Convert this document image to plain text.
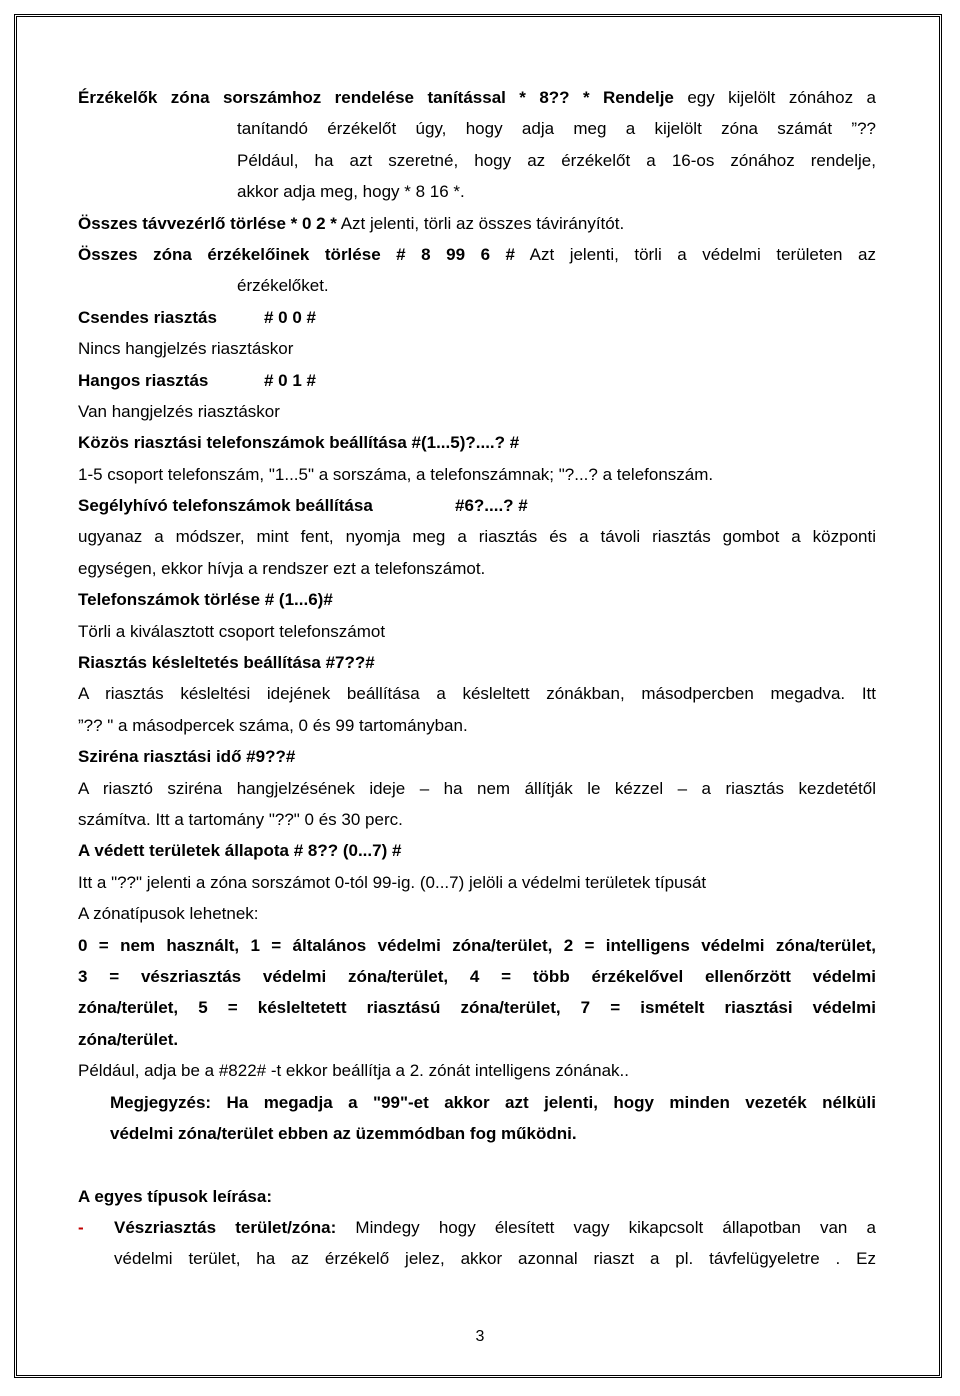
Érzékelők zóna sorszámhoz rendelése tanítással * 8?? * Rendelje egy kijelölt zónához a
tanítandó érzékelőt úgy, hogy adja meg a kijelölt zóna számát ”??
Például, ha azt szeretné, hogy az érzékelőt a 16-os zónához rendelje,
akkor adja meg, hogy * 8 16 *.
Összes távvezérlő törlése * 0 2 * Azt jelenti, törli az összes távirányítót.
Összes zóna érzékelőinek törlése # 8 99 6 # Azt jelenti, törli a védelmi területen az
érzékelőket.
Csendes riasztás	# 0 0 #
Nincs hangjelzés riasztáskor
Hangos riasztás	# 0 1 #
Van hangjelzés riasztáskor
Közös riasztási telefonszámok beállítása #(1...5)?....? #
1-5 csoport telefonszám, "1...5" a sorszáma, a telefonszámnak; "?...? a telefonszám.
Segélyhívó telefonszámok beállítása	#6?....? #
ugyanaz a módszer, mint fent, nyomja meg a riasztás és a távoli riasztás gombot a központi
egységen, ekkor hívja a rendszer ezt a telefonszámot.
Telefonszámok törlése # (1...6)#
Törli a kiválasztott csoport telefonszámot
Riasztás késleltetés beállítása #7??#
A riasztás késleltési idejének beállítása a késleltett zónákban, másodpercben megadva. Itt
”?? " a másodpercek száma, 0 és 99 tartományban.
Sziréna riasztási idő #9??#
A riasztó sziréna hangjelzésének ideje – ha nem állítják le kézzel – a riasztás kezdetétől
számítva. Itt a tartomány "??" 0 és 30 perc.
A védett területek állapota # 8?? (0...7) #
Itt a "??" jelenti a zóna sorszámot 0-tól 99-ig. (0...7) jelöli a védelmi területek típusát
A zónatípusok lehetnek:
0 = nem használt, 1 = általános védelmi zóna/terület, 2 = intelligens védelmi zóna/terület,
3 = vészriasztás védelmi zóna/terület, 4 = több érzékelővel ellenőrzött védelmi
zóna/terület, 5 = késleltetett riasztású zóna/terület, 7 = ismételt riasztási védelmi
zóna/terület.
Például, adja be a #822# -t ekkor beállítja a 2. zónát intelligens zónának..
Megjegyzés: Ha megadja a "99"-et akkor azt jelenti, hogy minden vezeték nélküli
védelmi zóna/terület ebben az üzemmódban fog működni.
A egyes típusok leírása:
- Vészriasztás terület/zóna: Mindegy hogy élesített vagy kikapcsolt állapotban van a
védelmi terület, ha az érzékelő jelez, akkor azonnal riaszt a pl. távfelügyeletre . Ez
3
